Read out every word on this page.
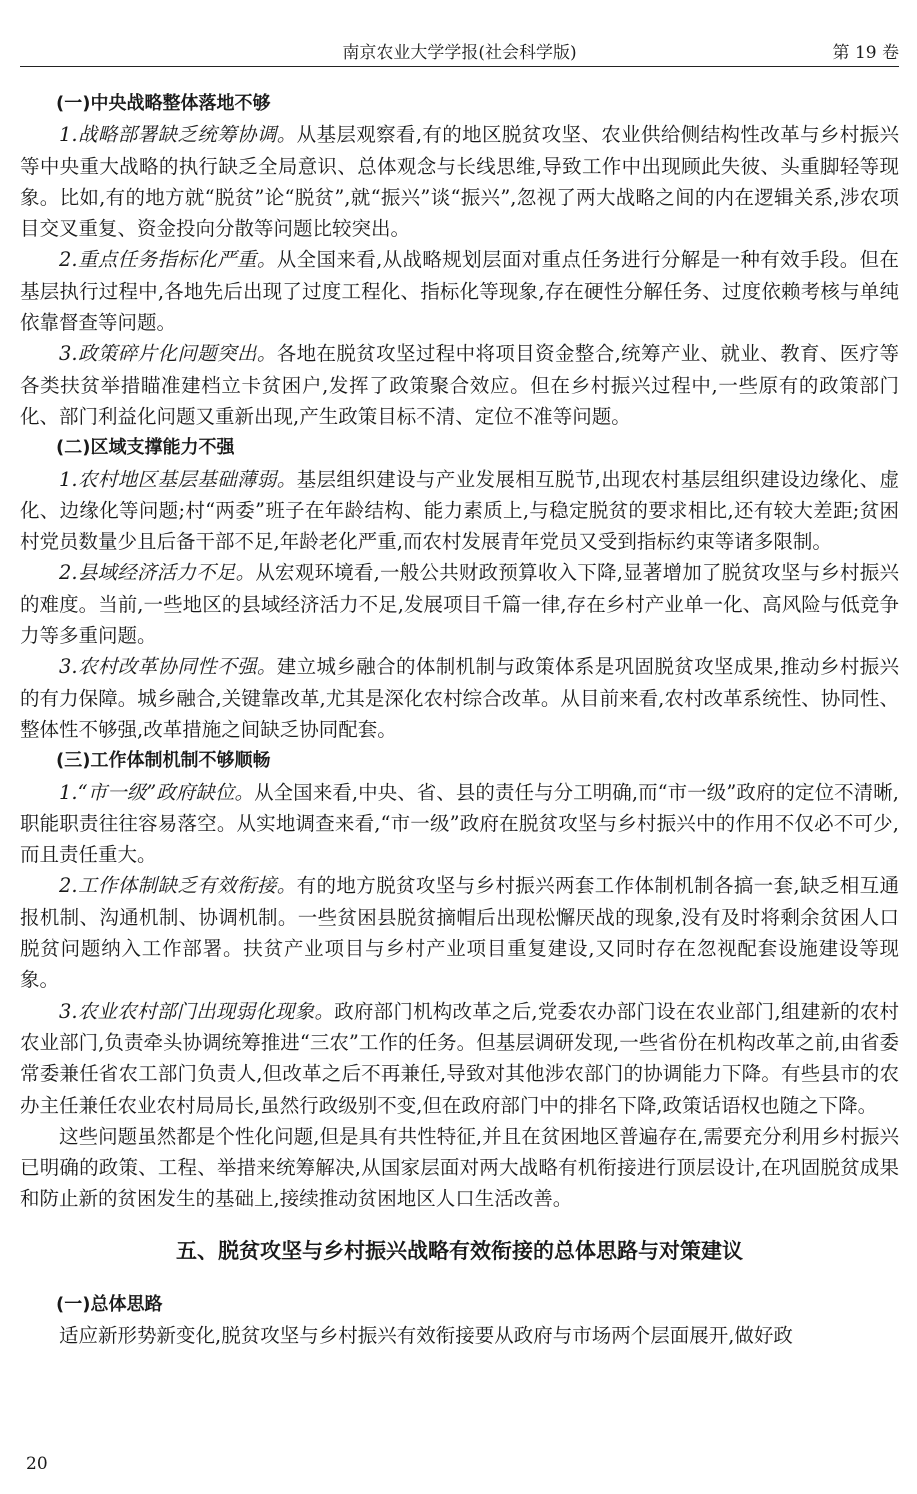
南京农业大学学报(社会科学版)	第 19 卷

(一)中央战略整体落地不够

1.战略部署缺乏统筹协调。从基层观察看,有的地区脱贫攻坚、农业供给侧结构性改革与乡村振兴等中央重大战略的执行缺乏全局意识、总体观念与长线思维,导致工作中出现顾此失彼、头重脚轻等现象。比如,有的地方就“脱贫”论“脱贫”,就“振兴”谈“振兴”,忽视了两大战略之间的内在逻辑关系,涉农项目交叉重复、资金投向分散等问题比较突出。

2.重点任务指标化严重。从全国来看,从战略规划层面对重点任务进行分解是一种有效手段。但在基层执行过程中,各地先后出现了过度工程化、指标化等现象,存在硬性分解任务、过度依赖考核与单纯依靠督查等问题。

3.政策碎片化问题突出。各地在脱贫攻坚过程中将项目资金整合,统筹产业、就业、教育、医疗等各类扶贫举措瞄准建档立卡贫困户,发挥了政策聚合效应。但在乡村振兴过程中,一些原有的政策部门化、部门利益化问题又重新出现,产生政策目标不清、定位不准等问题。

(二)区域支撑能力不强

1.农村地区基层基础薄弱。基层组织建设与产业发展相互脱节,出现农村基层组织建设边缘化、虚化、边缘化等问题;村“两委”班子在年龄结构、能力素质上,与稳定脱贫的要求相比,还有较大差距;贫困村党员数量少且后备干部不足,年龄老化严重,而农村发展青年党员又受到指标约束等诸多限制。

2.县域经济活力不足。从宏观环境看,一般公共财政预算收入下降,显著增加了脱贫攻坚与乡村振兴的难度。当前,一些地区的县域经济活力不足,发展项目千篇一律,存在乡村产业单一化、高风险与低竞争力等多重问题。

3.农村改革协同性不强。建立城乡融合的体制机制与政策体系是巩固脱贫攻坚成果,推动乡村振兴的有力保障。城乡融合,关键靠改革,尤其是深化农村综合改革。从目前来看,农村改革系统性、协同性、整体性不够强,改革措施之间缺乏协同配套。

(三)工作体制机制不够顺畅

1.“市一级”政府缺位。从全国来看,中央、省、县的责任与分工明确,而“市一级”政府的定位不清晰,职能职责往往容易落空。从实地调查来看,“市一级”政府在脱贫攻坚与乡村振兴中的作用不仅必不可少,而且责任重大。

2.工作体制缺乏有效衔接。有的地方脱贫攻坚与乡村振兴两套工作体制机制各搞一套,缺乏相互通报机制、沟通机制、协调机制。一些贫困县脱贫摘帽后出现松懈厌战的现象,没有及时将剩余贫困人口脱贫问题纳入工作部署。扶贫产业项目与乡村产业项目重复建设,又同时存在忽视配套设施建设等现象。

3.农业农村部门出现弱化现象。政府部门机构改革之后,党委农办部门设在农业部门,组建新的农村农业部门,负责牵头协调统筹推进“三农”工作的任务。但基层调研发现,一些省份在机构改革之前,由省委常委兼任省农工部门负责人,但改革之后不再兼任,导致对其他涉农部门的协调能力下降。有些县市的农办主任兼任农业农村局局长,虽然行政级别不变,但在政府部门中的排名下降,政策话语权也随之下降。

这些问题虽然都是个性化问题,但是具有共性特征,并且在贫困地区普遍存在,需要充分利用乡村振兴已明确的政策、工程、举措来统筹解决,从国家层面对两大战略有机衔接进行顶层设计,在巩固脱贫成果和防止新的贫困发生的基础上,接续推动贫困地区人口生活改善。

五、脱贫攻坚与乡村振兴战略有效衔接的总体思路与对策建议

(一)总体思路

适应新形势新变化,脱贫攻坚与乡村振兴有效衔接要从政府与市场两个层面展开,做好政

20
